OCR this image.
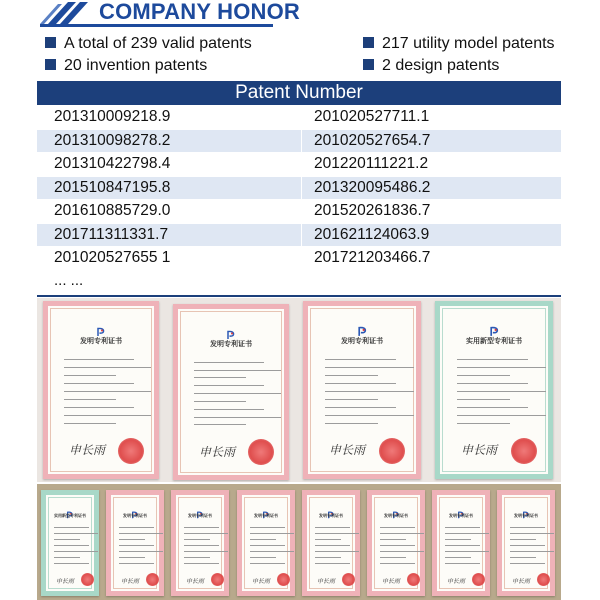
COMPANY HONOR
A total of 239 valid patents	217 utility model patents
20 invention patents	2 design patents
Patent Number
201310009218.9	201020527711.1
201310098278.2	201020527654.7
201310422798.4	201220111221.2
201510847195.8	201320095486.2
201610885729.0	201520261836.7
201711311331.7	201621124063.9
201020527655 1	201721203466.7
... ...
发明专利证书
申长雨
发明专利证书
申长雨
发明专利证书
申长雨
实用新型专利证书
申长雨
实用新型专利证书
申长雨
发明专利证书
申长雨
发明专利证书
申长雨
发明专利证书
申长雨
发明专利证书
申长雨
发明专利证书
申长雨
发明专利证书
申长雨
发明专利证书
申长雨
